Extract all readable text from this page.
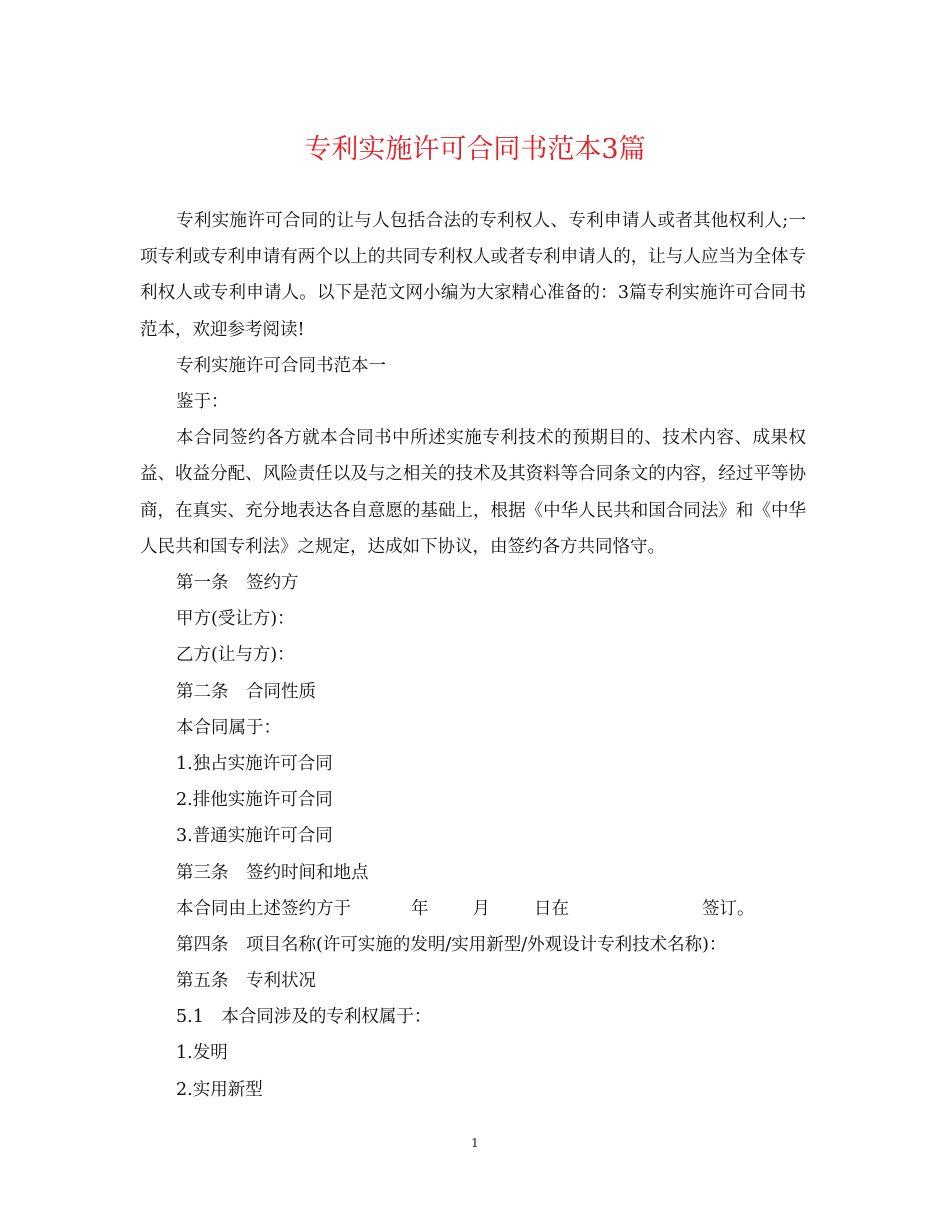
专利实施许可合同书范本3篇

专利实施许可合同的让与人包括合法的专利权人、专利申请人或者其他权利人;一项专利或专利申请有两个以上的共同专利权人或者专利申请人的，让与人应当为全体专利权人或专利申请人。以下是范文网小编为大家精心准备的：3篇专利实施许可合同书范本，欢迎参考阅读!

专利实施许可合同书范本一
鉴于：

本合同签约各方就本合同书中所述实施专利技术的预期目的、技术内容、成果权益、收益分配、风险责任以及与之相关的技术及其资料等合同条文的内容，经过平等协商，在真实、充分地表达各自意愿的基础上，根据《中华人民共和国合同法》和《中华人民共和国专利法》之规定，达成如下协议，由签约各方共同恪守。

第一条　签约方
甲方(受让方)：
乙方(让与方)：
第二条　合同性质
本合同属于：
1.独占实施许可合同
2.排他实施许可合同
3.普通实施许可合同
第三条　签约时间和地点
本合同由上述签约方于	年	月	日在	签订。
第四条　项目名称(许可实施的发明/实用新型/外观设计专利技术名称)：
第五条　专利状况
5.1　本合同涉及的专利权属于：
1.发明
2.实用新型
1
